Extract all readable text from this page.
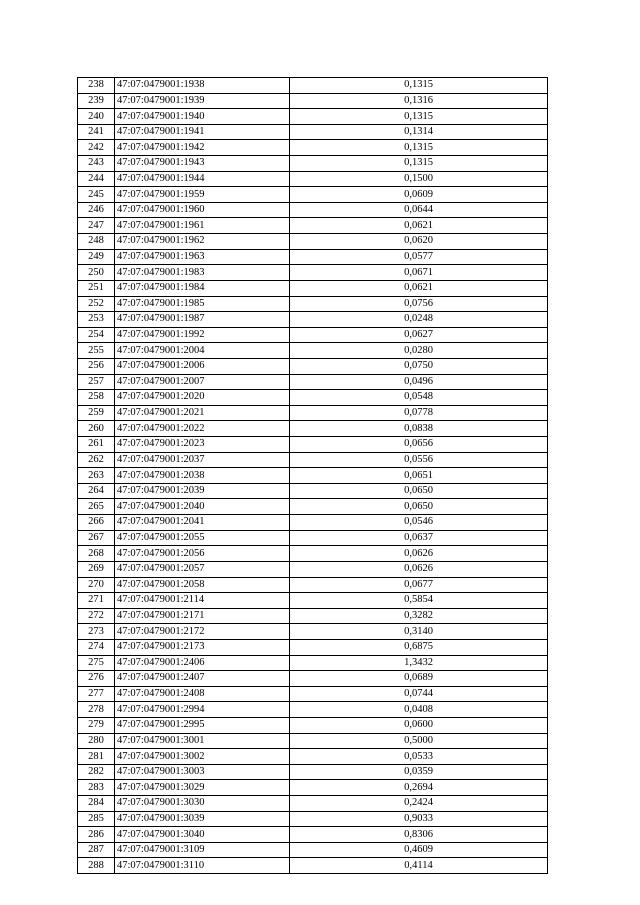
238	47:07:0479001:1938	0,1315
239	47:07:0479001:1939	0,1316
240	47:07:0479001:1940	0,1315
241	47:07:0479001:1941	0,1314
242	47:07:0479001:1942	0,1315
243	47:07:0479001:1943	0,1315
244	47:07:0479001:1944	0,1500
245	47:07:0479001:1959	0,0609
246	47:07:0479001:1960	0,0644
247	47:07:0479001:1961	0,0621
248	47:07:0479001:1962	0,0620
249	47:07:0479001:1963	0,0577
250	47:07:0479001:1983	0,0671
251	47:07:0479001:1984	0,0621
252	47:07:0479001:1985	0,0756
253	47:07:0479001:1987	0,0248
254	47:07:0479001:1992	0,0627
255	47:07:0479001:2004	0,0280
256	47:07:0479001:2006	0,0750
257	47:07:0479001:2007	0,0496
258	47:07:0479001:2020	0,0548
259	47:07:0479001:2021	0,0778
260	47:07:0479001:2022	0,0838
261	47:07:0479001:2023	0,0656
262	47:07:0479001:2037	0,0556
263	47:07:0479001:2038	0,0651
264	47:07:0479001:2039	0,0650
265	47:07:0479001:2040	0,0650
266	47:07:0479001:2041	0,0546
267	47:07:0479001:2055	0,0637
268	47:07:0479001:2056	0,0626
269	47:07:0479001:2057	0,0626
270	47:07:0479001:2058	0,0677
271	47:07:0479001:2114	0,5854
272	47:07:0479001:2171	0,3282
273	47:07:0479001:2172	0,3140
274	47:07:0479001:2173	0,6875
275	47:07:0479001:2406	1,3432
276	47:07:0479001:2407	0,0689
277	47:07:0479001:2408	0,0744
278	47:07:0479001:2994	0,0408
279	47:07:0479001:2995	0,0600
280	47:07:0479001:3001	0,5000
281	47:07:0479001:3002	0,0533
282	47:07:0479001:3003	0,0359
283	47:07:0479001:3029	0,2694
284	47:07:0479001:3030	0,2424
285	47:07:0479001:3039	0,9033
286	47:07:0479001:3040	0,8306
287	47:07:0479001:3109	0,4609
288	47:07:0479001:3110	0,4114
